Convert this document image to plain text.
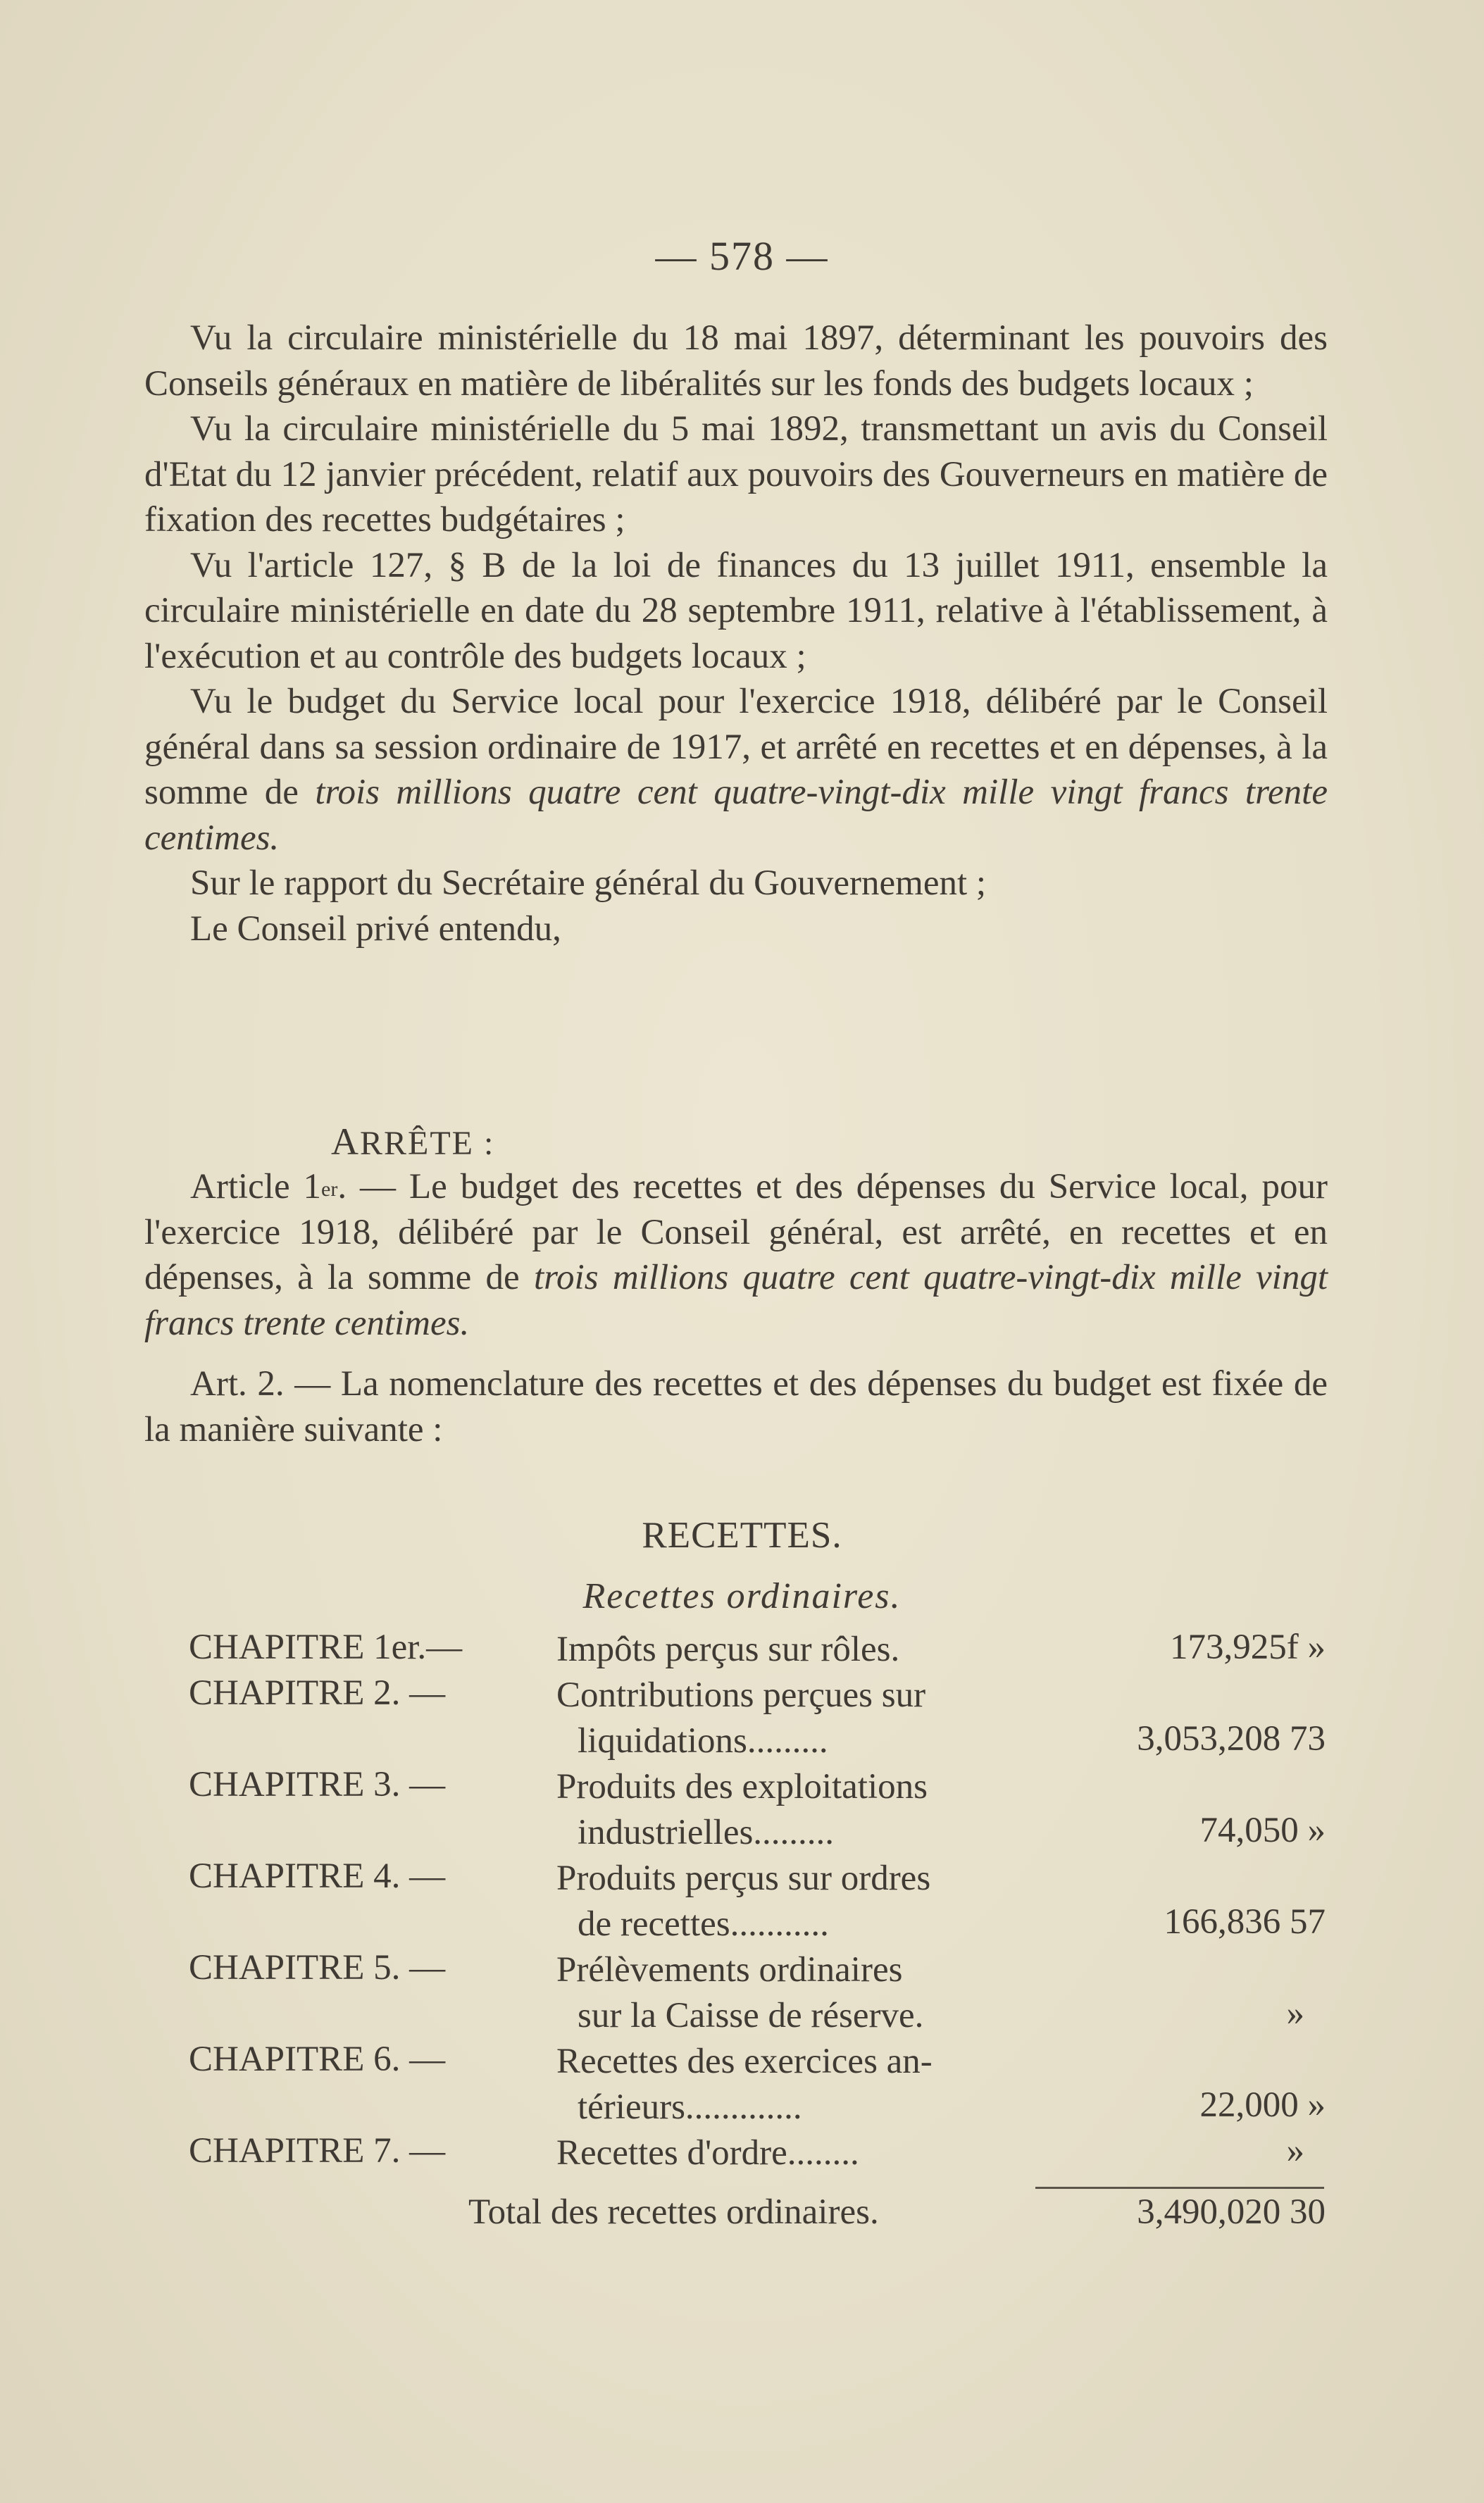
— 578 —

Vu la circulaire ministérielle du 18 mai 1897, déterminant les pouvoirs des Conseils généraux en matière de libéralités sur les fonds des budgets locaux ;

Vu la circulaire ministérielle du 5 mai 1892, transmettant un avis du Conseil d'Etat du 12 janvier précédent, relatif aux pouvoirs des Gouverneurs en matière de fixation des recettes budgétaires ;

Vu l'article 127, § B de la loi de finances du 13 juillet 1911, ensemble la circulaire ministérielle en date du 28 septembre 1911, relative à l'établissement, à l'exécution et au contrôle des budgets locaux ;

Vu le budget du Service local pour l'exercice 1918, délibéré par le Conseil général dans sa session ordinaire de 1917, et arrêté en recettes et en dépenses, à la somme de trois millions quatre cent quatre-vingt-dix mille vingt francs trente centimes.

Sur le rapport du Secrétaire général du Gouvernement ;

Le Conseil privé entendu,

ARRÊTE :

Article 1er. — Le budget des recettes et des dépenses du Service local, pour l'exercice 1918, délibéré par le Conseil général, est arrêté, en recettes et en dépenses, à la somme de trois millions quatre cent quatre-vingt-dix mille vingt francs trente centimes.

Art. 2. — La nomenclature des recettes et des dépenses du budget est fixée de la manière suivante :

RECETTES.
Recettes ordinaires.
CHAPITRE 1er.—	Impôts perçus sur rôles.	173,925f »
CHAPITRE 2. —	Contributions perçues sur
liquidations.........	3,053,208 73
CHAPITRE 3. —	Produits des exploitations
industrielles.........	74,050 »
CHAPITRE 4. —	Produits perçus sur ordres
de recettes...........	166,836 57
CHAPITRE 5. —	Prélèvements ordinaires
sur la Caisse de réserve.	»
CHAPITRE 6. —	Recettes des exercices an-
térieurs.............	22,000 »
CHAPITRE 7. —	Recettes d'ordre........	»
Total des recettes ordinaires.	3,490,020 30
